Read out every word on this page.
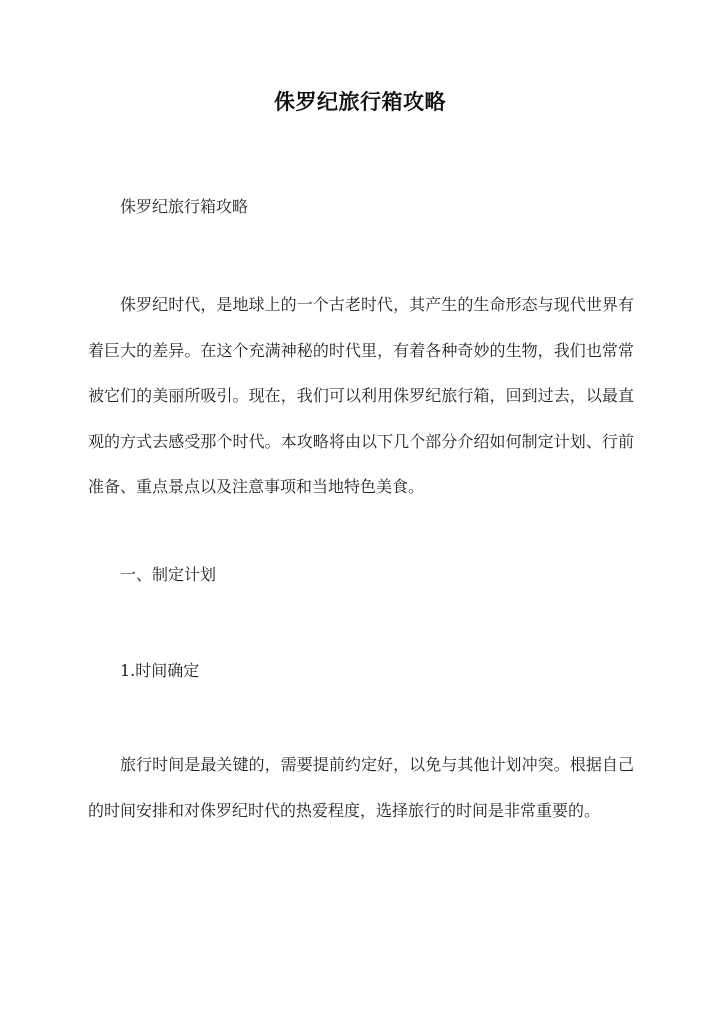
侏罗纪旅行箱攻略

侏罗纪旅行箱攻略

侏罗纪时代，是地球上的一个古老时代，其产生的生命形态与现代世界有着巨大的差异。在这个充满神秘的时代里，有着各种奇妙的生物，我们也常常被它们的美丽所吸引。现在，我们可以利用侏罗纪旅行箱，回到过去，以最直观的方式去感受那个时代。本攻略将由以下几个部分介绍如何制定计划、行前准备、重点景点以及注意事项和当地特色美食。

一、制定计划

1.时间确定

旅行时间是最关键的，需要提前约定好，以免与其他计划冲突。根据自己的时间安排和对侏罗纪时代的热爱程度，选择旅行的时间是非常重要的。
